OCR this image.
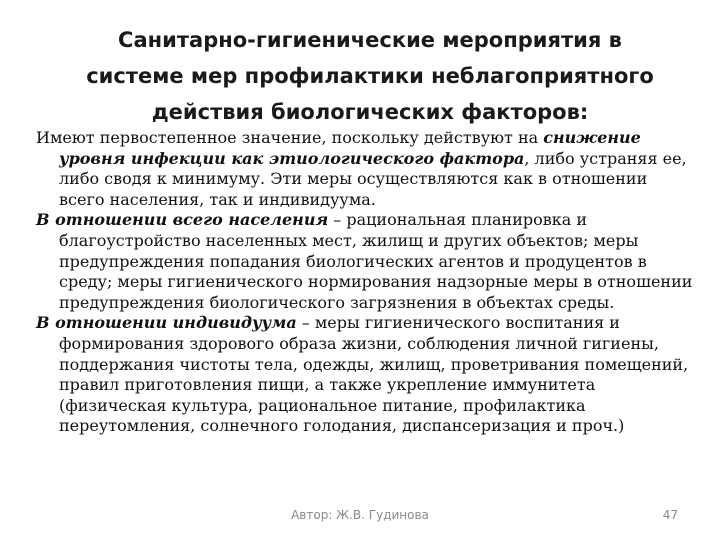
Санитарно-гигиенические мероприятия в
системе мер профилактики неблагоприятного
действия биологических факторов:

Имеют первостепенное значение, поскольку действуют на снижение уровня инфекции как этиологического фактора, либо устраняя ее, либо сводя к минимуму. Эти меры осуществляются как в отношении всего населения, так и индивидуума.

В отношении всего населения – рациональная планировка и благоустройство населенных мест, жилищ и других объектов; меры предупреждения попадания биологических агентов и продуцентов в среду; меры гигиенического нормирования надзорные меры в отношении предупреждения биологического загрязнения в объектах среды.

В отношении индивидуума – меры гигиенического воспитания и формирования здорового образа жизни, соблюдения личной гигиены, поддержания чистоты тела, одежды, жилищ, проветривания помещений, правил приготовления пищи, а также укрепление иммунитета (физическая культура, рациональное питание, профилактика переутомления, солнечного голодания, диспансеризация и проч.)

Автор: Ж.В. Гудинова	47
